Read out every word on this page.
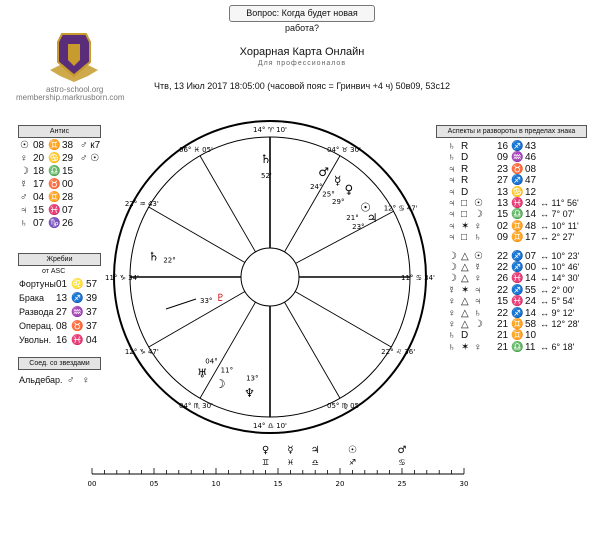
Вопрос: Когда будет новая работа?
astro-school.org
membership.markrusborn.com
Хорарная Карта Онлайн
Для профессионалов
Чтв, 13 Июл 2017 18:05:00 (часовой пояс = Гринвич +4 ч) 50в09, 53с12
Антис
☉ 08 ♊ 38 ♂ к7
♀ 20 ♋ 29 ♂ ☉
☽ 18 ♎ 15
☿ 17 ♉ 00
♂ 04 ♊ 28
♃ 15 ♓ 07
♄ 07 ♑ 26
Жребии
от ASC
Фортуны 01 ♌ 57
Брака 13 ♐ 39
Развода 27 ♒ 37
Операц. 08 ♉ 37
Увольн. 16 ♓ 04
Соед. со звездами
Альдебар. ♂ ♀
Аспекты и развороты в пределах знака
♄ R	16 ♐ 43
♄ D	09 ♒ 46
♃ R	23 ♉ 08
♃ R	27 ♐ 47
♃ D	13 ♋ 12
♃ □ ☉ 13 ♓ 34 ↔ 11° 56'
♃ □ ☽ 15 ♎ 14 ↔ 7° 07'
♃ ✶ ♀ 02 ♊ 48 ↔ 10° 11'
♃ □ ♄ 09 ♊ 17 ↔ 2° 27'
☽ △ ☉ 22 ♐ 07 ↔ 10° 23'
☽ △ ☿ 22 ♐ 00 ↔ 10° 46'
☽ △ ♀ 26 ♓ 14 ↔ 14° 30'
☿ ✶ ♃ 22 ♐ 55 ↔ 2° 00'
♀ △ ♃ 15 ♓ 24 ↔ 5° 54'
♀ △ ♄ 22 ♐ 14 ↔ 9° 12'
♀ △ ☽ 21 ♊ 58 ↔ 12° 28'
♄ D	21 ♊ 10
♄ ✶ ♀ 21 ♎ 11 ↔ 6° 18'
14° ♈ 10'
04° ♉ 30'
12° ♋ 47'
11° ♋ 34'
22° ♌ 36'
05° ♍ 05'
14° ♎ 10'
04° ♏ 30'
12° ♑ 47'
11° ♑ 34'
22° ♒ 43'
06° ♓ 05'
♄
52'	♂
24° ☿
25° ♀
29° ☉
21° ♃
23°
♄ 22°
♆
13°
☽
11°
♅
04°
33° ♇
00	05	10	15	20	25	30
♀
♊
☿
♓
♃
♎
☉
♐
♂
♋
